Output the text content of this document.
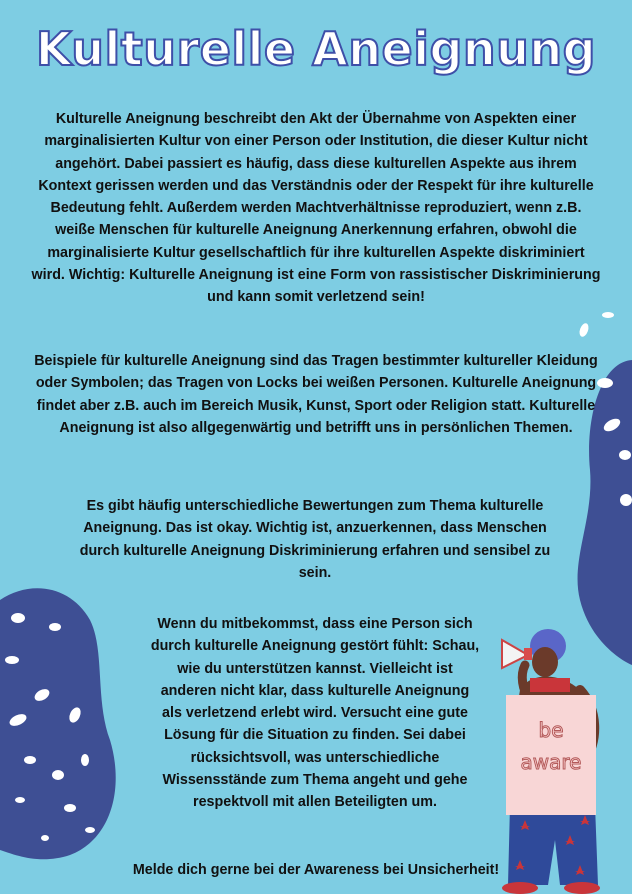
Kulturelle Aneignung

Kulturelle Aneignung beschreibt den Akt der Übernahme von Aspekten einer marginalisierten Kultur von einer Person oder Institution, die dieser Kultur nicht angehört. Dabei passiert es häufig, dass diese kulturellen Aspekte aus ihrem Kontext gerissen werden und das Verständnis oder der Respekt für ihre kulturelle Bedeutung fehlt. Außerdem werden Machtverhältnisse reproduziert, wenn z.B. weiße Menschen für kulturelle Aneignung Anerkennung erfahren, obwohl die marginalisierte Kultur gesellschaftlich für ihre kulturellen Aspekte diskriminiert wird. Wichtig: Kulturelle Aneignung ist eine Form von rassistischer Diskriminierung und kann somit verletzend sein!

Beispiele für kulturelle Aneignung sind das Tragen bestimmter kultureller Kleidung oder Symbolen; das Tragen von Locks bei weißen Personen. Kulturelle Aneignung findet aber z.B. auch im Bereich Musik, Kunst, Sport oder Religion statt. Kulturelle Aneignung ist also allgegenwärtig und betrifft uns in persönlichen Themen.

Es gibt häufig unterschiedliche Bewertungen zum Thema kulturelle Aneignung. Das ist okay. Wichtig ist, anzuerkennen, dass Menschen durch kulturelle Aneignung Diskriminierung erfahren und sensibel zu sein.

Wenn du mitbekommst, dass eine Person sich durch kulturelle Aneignung gestört fühlt: Schau, wie du unterstützen kannst. Vielleicht ist anderen nicht klar, dass kulturelle Aneignung als verletzend erlebt wird. Versucht eine gute Lösung für die Situation zu finden. Sei dabei rücksichtsvoll, was unterschiedliche Wissensstände zum Thema angeht und gehe respektvoll mit allen Beteiligten um.

Melde dich gerne bei der Awareness bei Unsicherheit!

be
aware
